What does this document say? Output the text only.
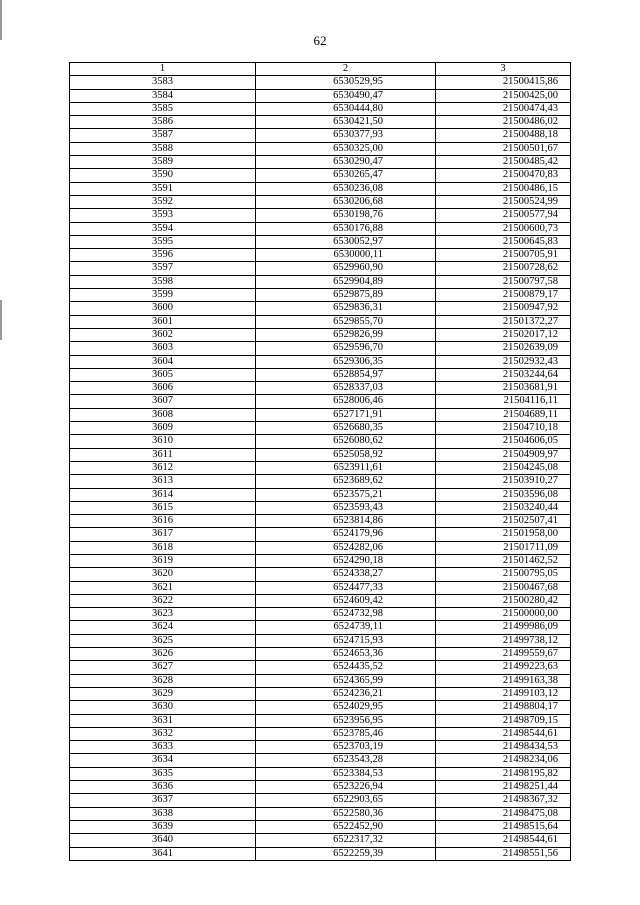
62
1	2	3
3583	6530529,95	21500415,86
3584	6530490,47	21500425,00
3585	6530444,80	21500474,43
3586	6530421,50	21500486,02
3587	6530377,93	21500488,18
3588	6530325,00	21500501,67
3589	6530290,47	21500485,42
3590	6530265,47	21500470,83
3591	6530236,08	21500486,15
3592	6530206,68	21500524,99
3593	6530198,76	21500577,94
3594	6530176,88	21500600,73
3595	6530052,97	21500645,83
3596	6530000,11	21500705,91
3597	6529960,90	21500728,62
3598	6529904,89	21500797,58
3599	6529875,89	21500879,17
3600	6529836,31	21500947,92
3601	6529855,70	21501372,27
3602	6529826,99	21502017,12
3603	6529596,70	21502639,09
3604	6529306,35	21502932,43
3605	6528854,97	21503244,64
3606	6528337,03	21503681,91
3607	6528006,46	21504116,11
3608	6527171,91	21504689,11
3609	6526680,35	21504710,18
3610	6526080,62	21504606,05
3611	6525058,92	21504909,97
3612	6523911,61	21504245,08
3613	6523689,62	21503910,27
3614	6523575,21	21503596,08
3615	6523593,43	21503240,44
3616	6523814,86	21502507,41
3617	6524179,96	21501958,00
3618	6524282,06	21501711,09
3619	6524290,18	21501462,52
3620	6524338,27	21500795,05
3621	6524477,33	21500467,68
3622	6524609,42	21500280,42
3623	6524732,98	21500000,00
3624	6524739,11	21499986,09
3625	6524715,93	21499738,12
3626	6524653,36	21499559,67
3627	6524435,52	21499223,63
3628	6524365,99	21499163,38
3629	6524236,21	21499103,12
3630	6524029,95	21498804,17
3631	6523956,95	21498709,15
3632	6523785,46	21498544,61
3633	6523703,19	21498434,53
3634	6523543,28	21498234,06
3635	6523384,53	21498195,82
3636	6523226,94	21498251,44
3637	6522903,65	21498367,32
3638	6522580,36	21498475,08
3639	6522452,90	21498515,64
3640	6522317,32	21498544,61
3641	6522259,39	21498551,56
